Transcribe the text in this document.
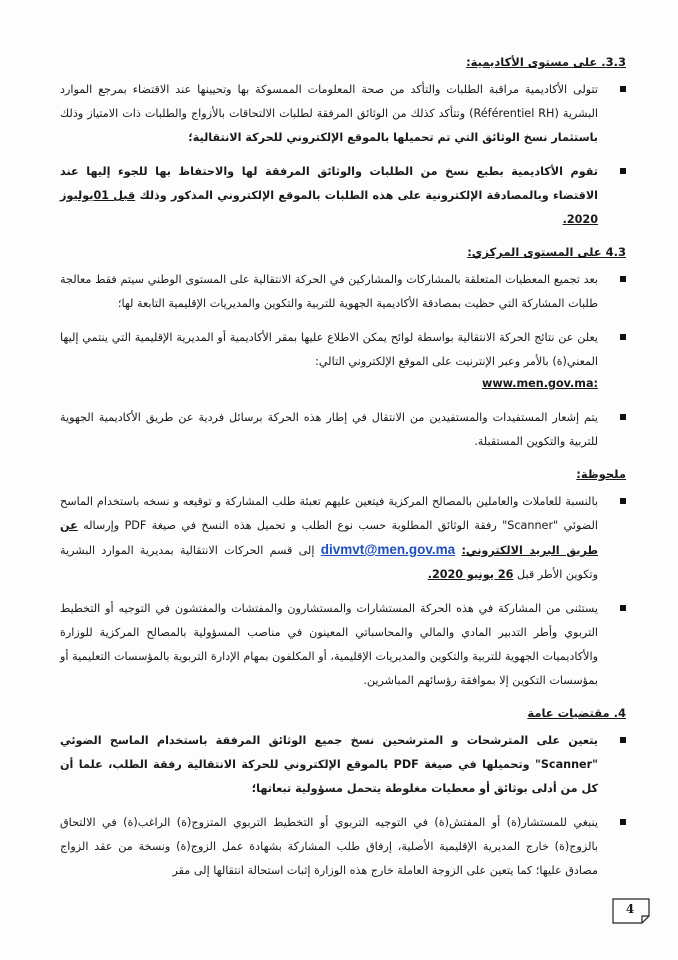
3.3. على مستوى الأكاديمية:
تتولى الأكاديمية مراقبة الطلبات والتأكد من صحة المعلومات الممسوكة بها وتحيينها عند الاقتضاء بمرجع الموارد البشرية (Référentiel RH) وتتأكد كذلك من الوثائق المرفقة لطلبات الالتحاقات بالأزواج والطلبات ذات الامتياز وذلك باستثمار نسخ الوثائق التي تم تحميلها بالموقع الإلكتروني للحركة الانتقالية؛
تقوم الأكاديمية بطبع نسخ من الطلبات والوثائق المرفقة لها والاحتفاظ بها للجوء إليها عند الاقتضاء وبالمصادقة الإلكترونية على هذه الطلبات بالموقع الإلكتروني المذكور وذلك قبل 01يوليوز 2020.
4.3 على المستوى المركزي:
بعد تجميع المعطيات المتعلقة بالمشاركات والمشاركين في الحركة الانتقالية على المستوى الوطني سيتم فقط معالجة طلبات المشاركة التي حظيت بمصادقة الأكاديمية الجهوية للتربية والتكوين والمديريات الإقليمية التابعة لها؛
يعلن عن نتائج الحركة الانتقالية بواسطة لوائح يمكن الاطلاع عليها بمقر الأكاديمية أو المديرية الإقليمية التي ينتمي إليها المعني(ة) بالأمر وعبر الإنترنيت على الموقع الإلكتروني التالي:
www.men.gov.ma:
يتم إشعار المستفيدات والمستفيدين من الانتقال في إطار هذه الحركة برسائل فردية عن طريق الأكاديمية الجهوية للتربية والتكوين المستقبلة.
ملحوظة:
بالنسبة للعاملات والعاملين بالمصالح المركزية فيتعين عليهم تعبئة طلب المشاركة و توقيعه و نسخه باستخدام الماسح الضوئي "Scanner" رفقة الوثائق المطلوبة حسب نوع الطلب و تحميل هذه النسخ في صيغة PDF وإرساله عن طريق البريد الالكتروني: divmvt@men.gov.ma إلى قسم الحركات الانتقالية بمديرية الموارد البشرية وتكوين الأطر قبل 26 يونيو 2020.
يستثنى من المشاركة في هذه الحركة المستشارات والمستشارون والمفتشات والمفتشون في التوجيه أو التخطيط التربوي وأطر التدبير المادي والمالي والمحاسباتي المعينون في مناصب المسؤولية بالمصالح المركزية للوزارة والأكاديميات الجهوية للتربية والتكوين والمديريات الإقليمية، أو المكلفون بمهام الإدارة التربوية بالمؤسسات التعليمية أو بمؤسسات التكوين إلا بموافقة رؤسائهم المباشرين.
4. مقتضيات عامة
يتعين على المترشحات و المترشحين نسخ جميع الوثائق المرفقة باستخدام الماسح الضوئي "Scanner" وتحميلها في صيغة PDF بالموقع الإلكتروني للحركة الانتقالية رفقة الطلب، علما أن كل من أدلى بوثائق أو معطيات مغلوطة يتحمل مسؤولية تبعاتها؛
ينبغي للمستشار(ة) أو المفتش(ة) في التوجيه التربوي أو التخطيط التربوي المتزوج(ة) الراغب(ة) في الالتحاق بالزوج(ة) خارج المديرية الإقليمية الأصلية، إرفاق طلب المشاركة بشهادة عمل الزوج(ة) ونسخة من عقد الزواج مصادق عليها؛ كما يتعين على الزوجة العاملة خارج هذه الوزارة إثبات استحالة انتقالها إلى مقر
4
